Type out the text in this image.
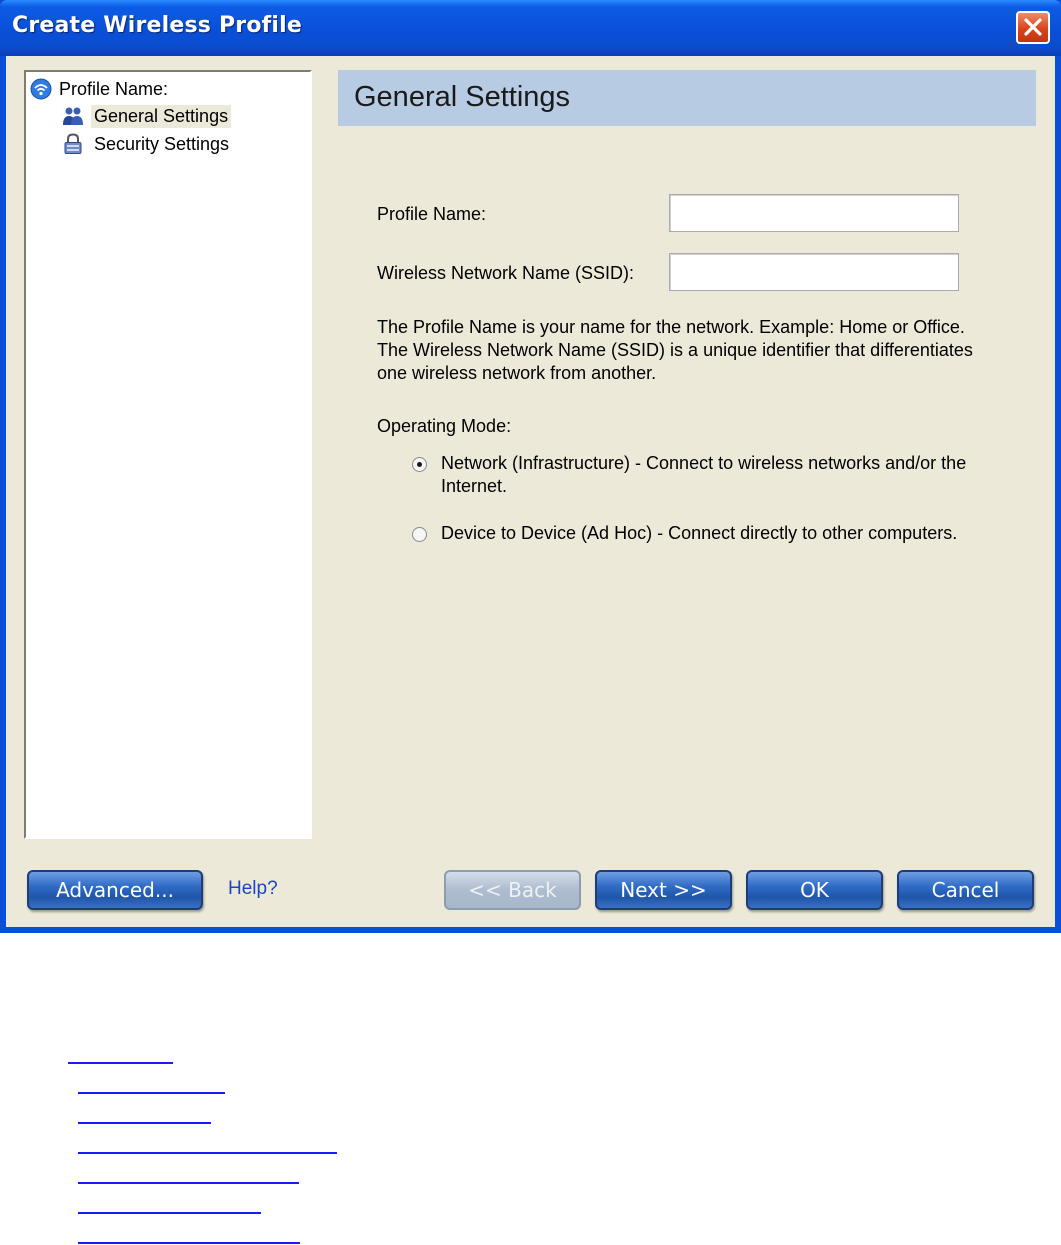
Create Wireless Profile
Profile Name:
General Settings
Security Settings
General Settings
Profile Name:
Wireless Network Name (SSID):
The Profile Name is your name for the network. Example: Home or Office. The Wireless Network Name (SSID) is a unique identifier that differentiates one wireless network from another.
Operating Mode:
Network (Infrastructure) - Connect to wireless networks and/or the Internet.
Device to Device (Ad Hoc) - Connect directly to other computers.
Advanced...	Help?	<< Back	Next >>	OK	Cancel
